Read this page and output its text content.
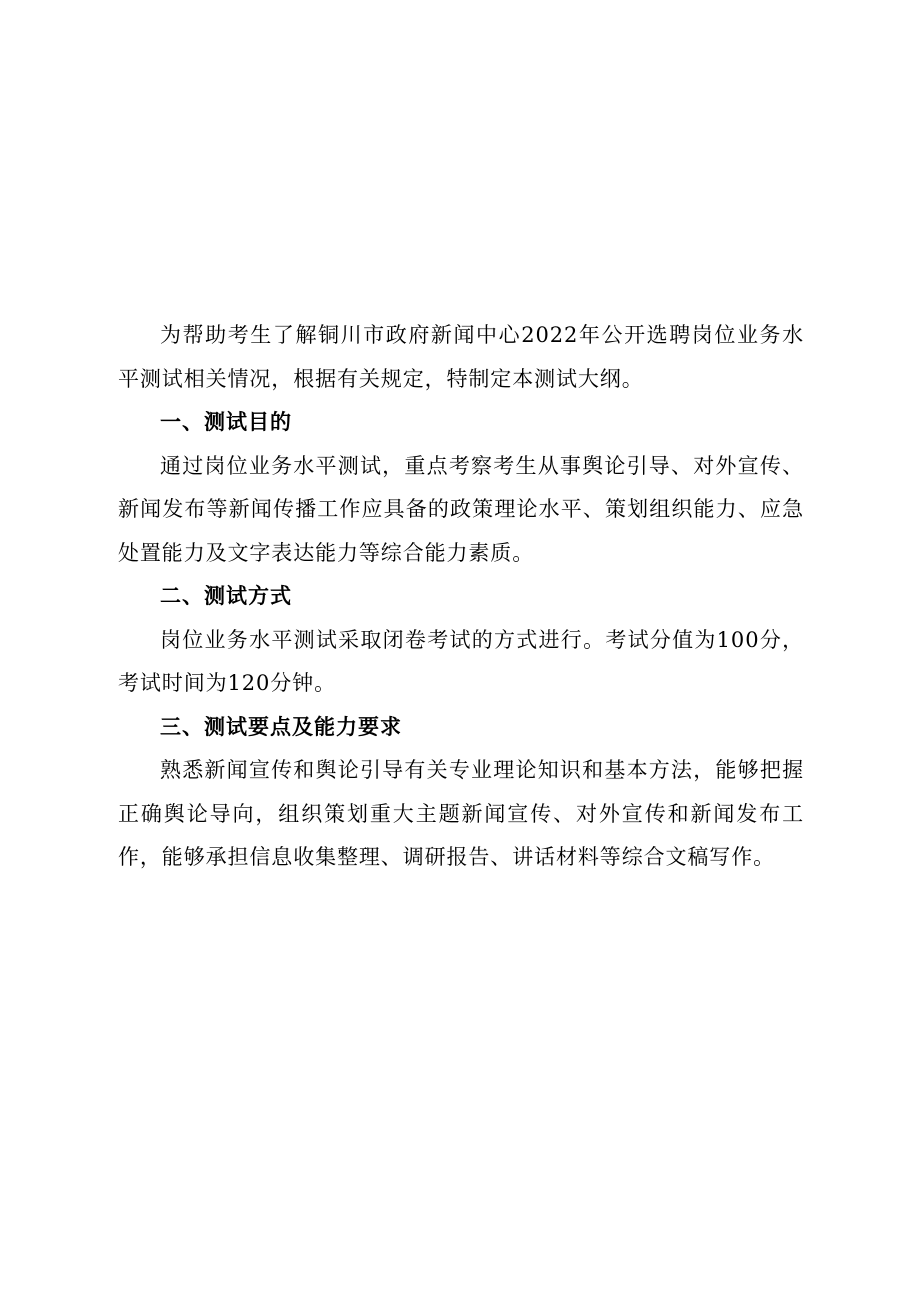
为帮助考生了解铜川市政府新闻中心2022年公开选聘岗位业务水平测试相关情况，根据有关规定，特制定本测试大纲。

一、测试目的

通过岗位业务水平测试，重点考察考生从事舆论引导、对外宣传、新闻发布等新闻传播工作应具备的政策理论水平、策划组织能力、应急处置能力及文字表达能力等综合能力素质。

二、测试方式

岗位业务水平测试采取闭卷考试的方式进行。考试分值为100分，考试时间为120分钟。

三、测试要点及能力要求

熟悉新闻宣传和舆论引导有关专业理论知识和基本方法，能够把握正确舆论导向，组织策划重大主题新闻宣传、对外宣传和新闻发布工作，能够承担信息收集整理、调研报告、讲话材料等综合文稿写作。
